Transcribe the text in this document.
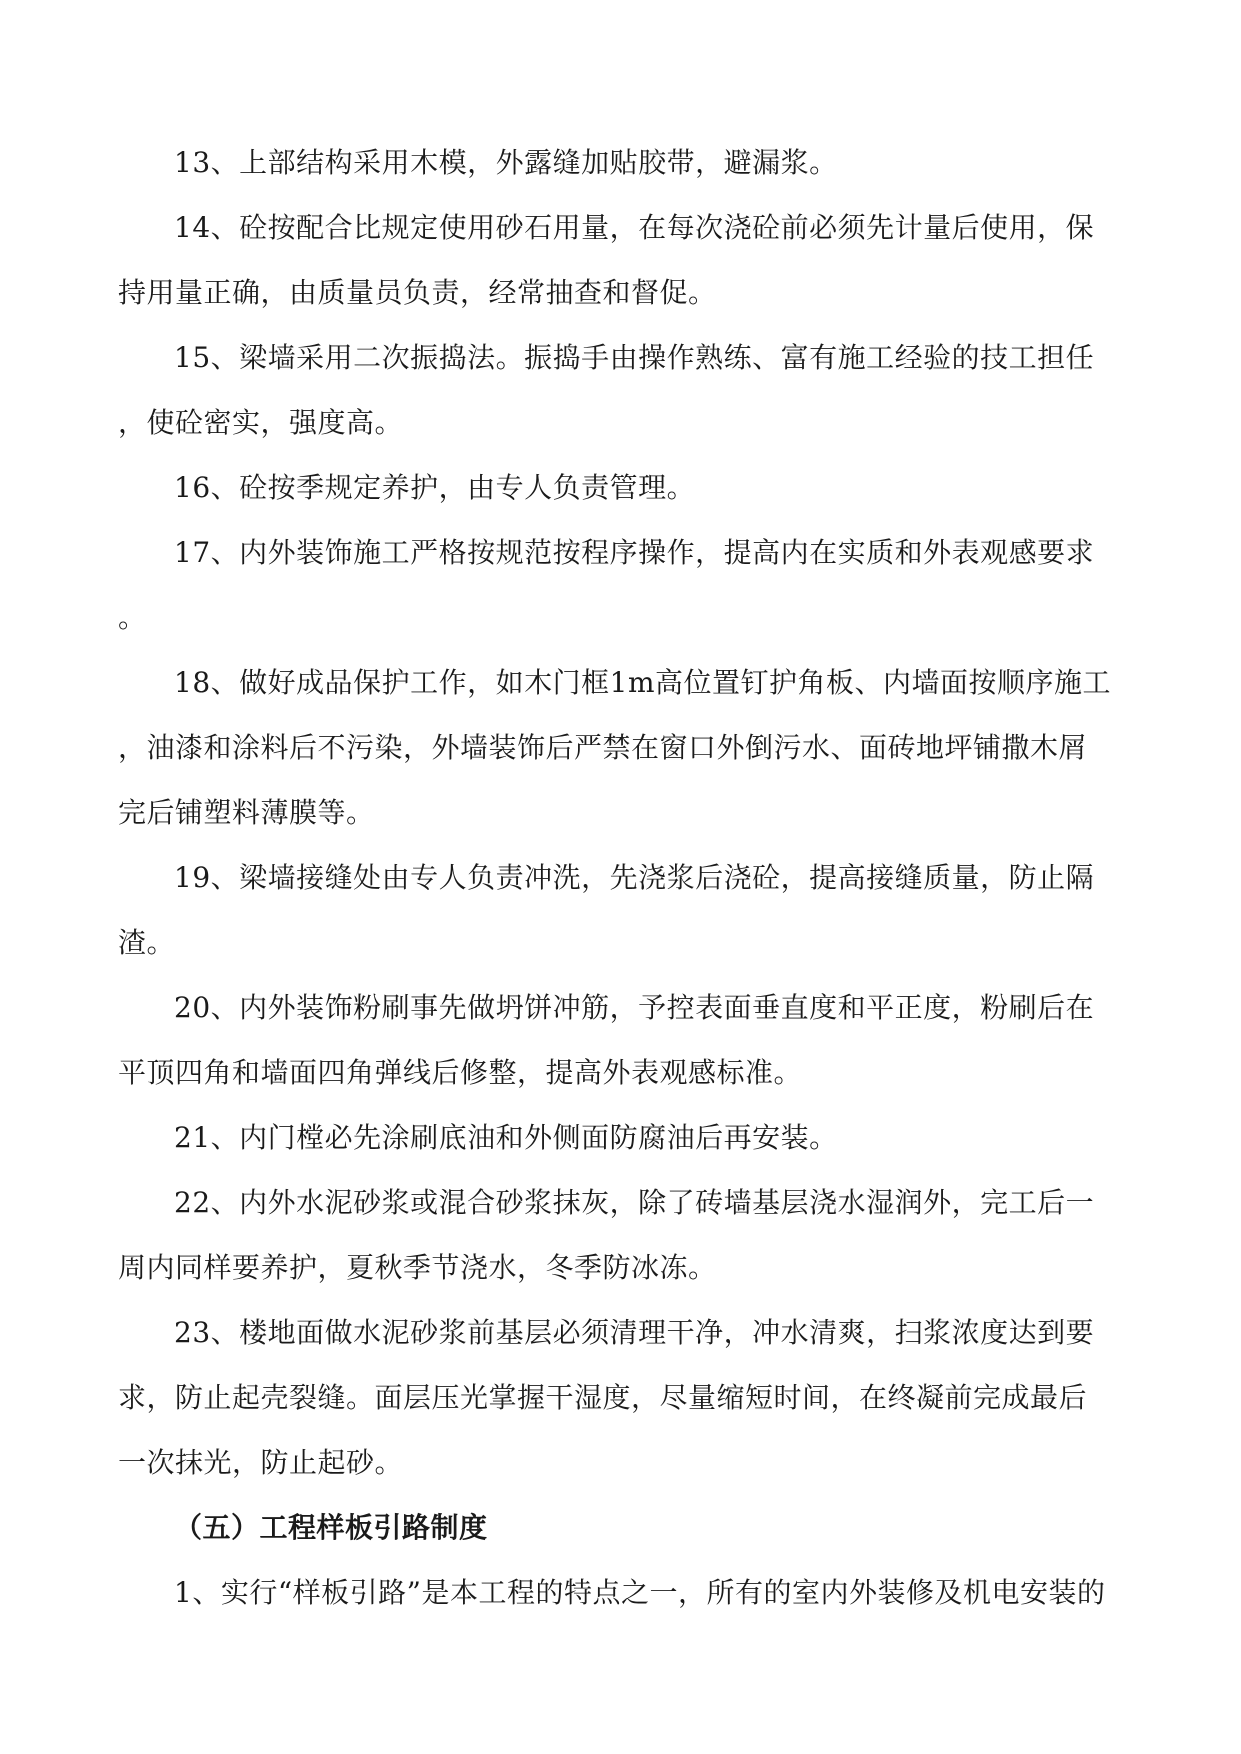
13、上部结构采用木模，外露缝加贴胶带，避漏浆。

14、砼按配合比规定使用砂石用量，在每次浇砼前必须先计量后使用，保
持用量正确，由质量员负责，经常抽查和督促。

15、梁墙采用二次振捣法。振捣手由操作熟练、富有施工经验的技工担任
，使砼密实，强度高。

16、砼按季规定养护，由专人负责管理。

17、内外装饰施工严格按规范按程序操作，提高内在实质和外表观感要求
。

18、做好成品保护工作，如木门框1m高位置钉护角板、内墙面按顺序施工
，油漆和涂料后不污染，外墙装饰后严禁在窗口外倒污水、面砖地坪铺撒木屑
完后铺塑料薄膜等。

19、梁墙接缝处由专人负责冲洗，先浇浆后浇砼，提高接缝质量，防止隔
渣。

20、内外装饰粉刷事先做坍饼冲筋，予控表面垂直度和平正度，粉刷后在
平顶四角和墙面四角弹线后修整，提高外表观感标准。

21、内门樘必先涂刷底油和外侧面防腐油后再安装。

22、内外水泥砂浆或混合砂浆抹灰，除了砖墙基层浇水湿润外，完工后一
周内同样要养护，夏秋季节浇水，冬季防冰冻。

23、楼地面做水泥砂浆前基层必须清理干净，冲水清爽，扫浆浓度达到要
求，防止起壳裂缝。面层压光掌握干湿度，尽量缩短时间，在终凝前完成最后
一次抹光，防止起砂。

（五）工程样板引路制度

1、实行“样板引路”是本工程的特点之一，所有的室内外装修及机电安装的
